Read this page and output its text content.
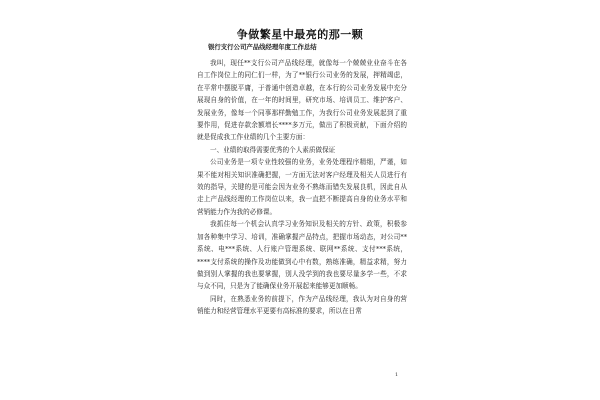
争做繁星中最亮的那一颗
银行支行公司产品线经理年度工作总结

我叫，现任**支行公司产品线经理，就像每一个兢兢业业奋斗在各自工作岗位上的同仁们一样，为了**银行公司业务的发展，押精竭虑，在平常中摆脱平庸，于普通中创造卓越，在本行的公司业务发展中充分展现自身的价值，在一年的时间里，研究市场、培训员工、维护客户、发展业务，像每一个同事那样勤勉工作，为我行公司业务发展起到了重要作用，促进存款余额增长****多万元，做出了积极贡献，下面介绍的就是促成我工作业绩的几个主要方面：

一、业绩的取得需要优秀的个人素质做保证

公司业务是一项专业性较强的业务，业务处理程序精细，严谨，如果不能对相关知识准确把握，一方面无法对客户经理及相关人员进行有效的指导，关键的是可能会因为业务不熟练而错失发展良机，因此自从走上产品线经理的工作岗位以来，我一直把不断提高自身的业务水平和营销能力作为我的必修课。

我抓住每一个机会认真学习业务知识及相关的方针、政策，积极参加各种集中学习、培训，准确掌握产品特点，把握市场动态，对公司**系统、电***系统、人行账户管理系统、联网**系统、支付***系统，****支付系统的操作及功能做到心中有数，熟练准确，精益求精，努力做到别人掌握的我也要掌握，别人没学到的我也要尽量多学一些，不求与众不同，只是为了能确保业务开展起来能够更加顺畅。

同时，在熟悉业务的前提下，作为产品线经理，我认为对自身的营销能力和经营管理水平更要有高标准的要求，所以在日常

1
